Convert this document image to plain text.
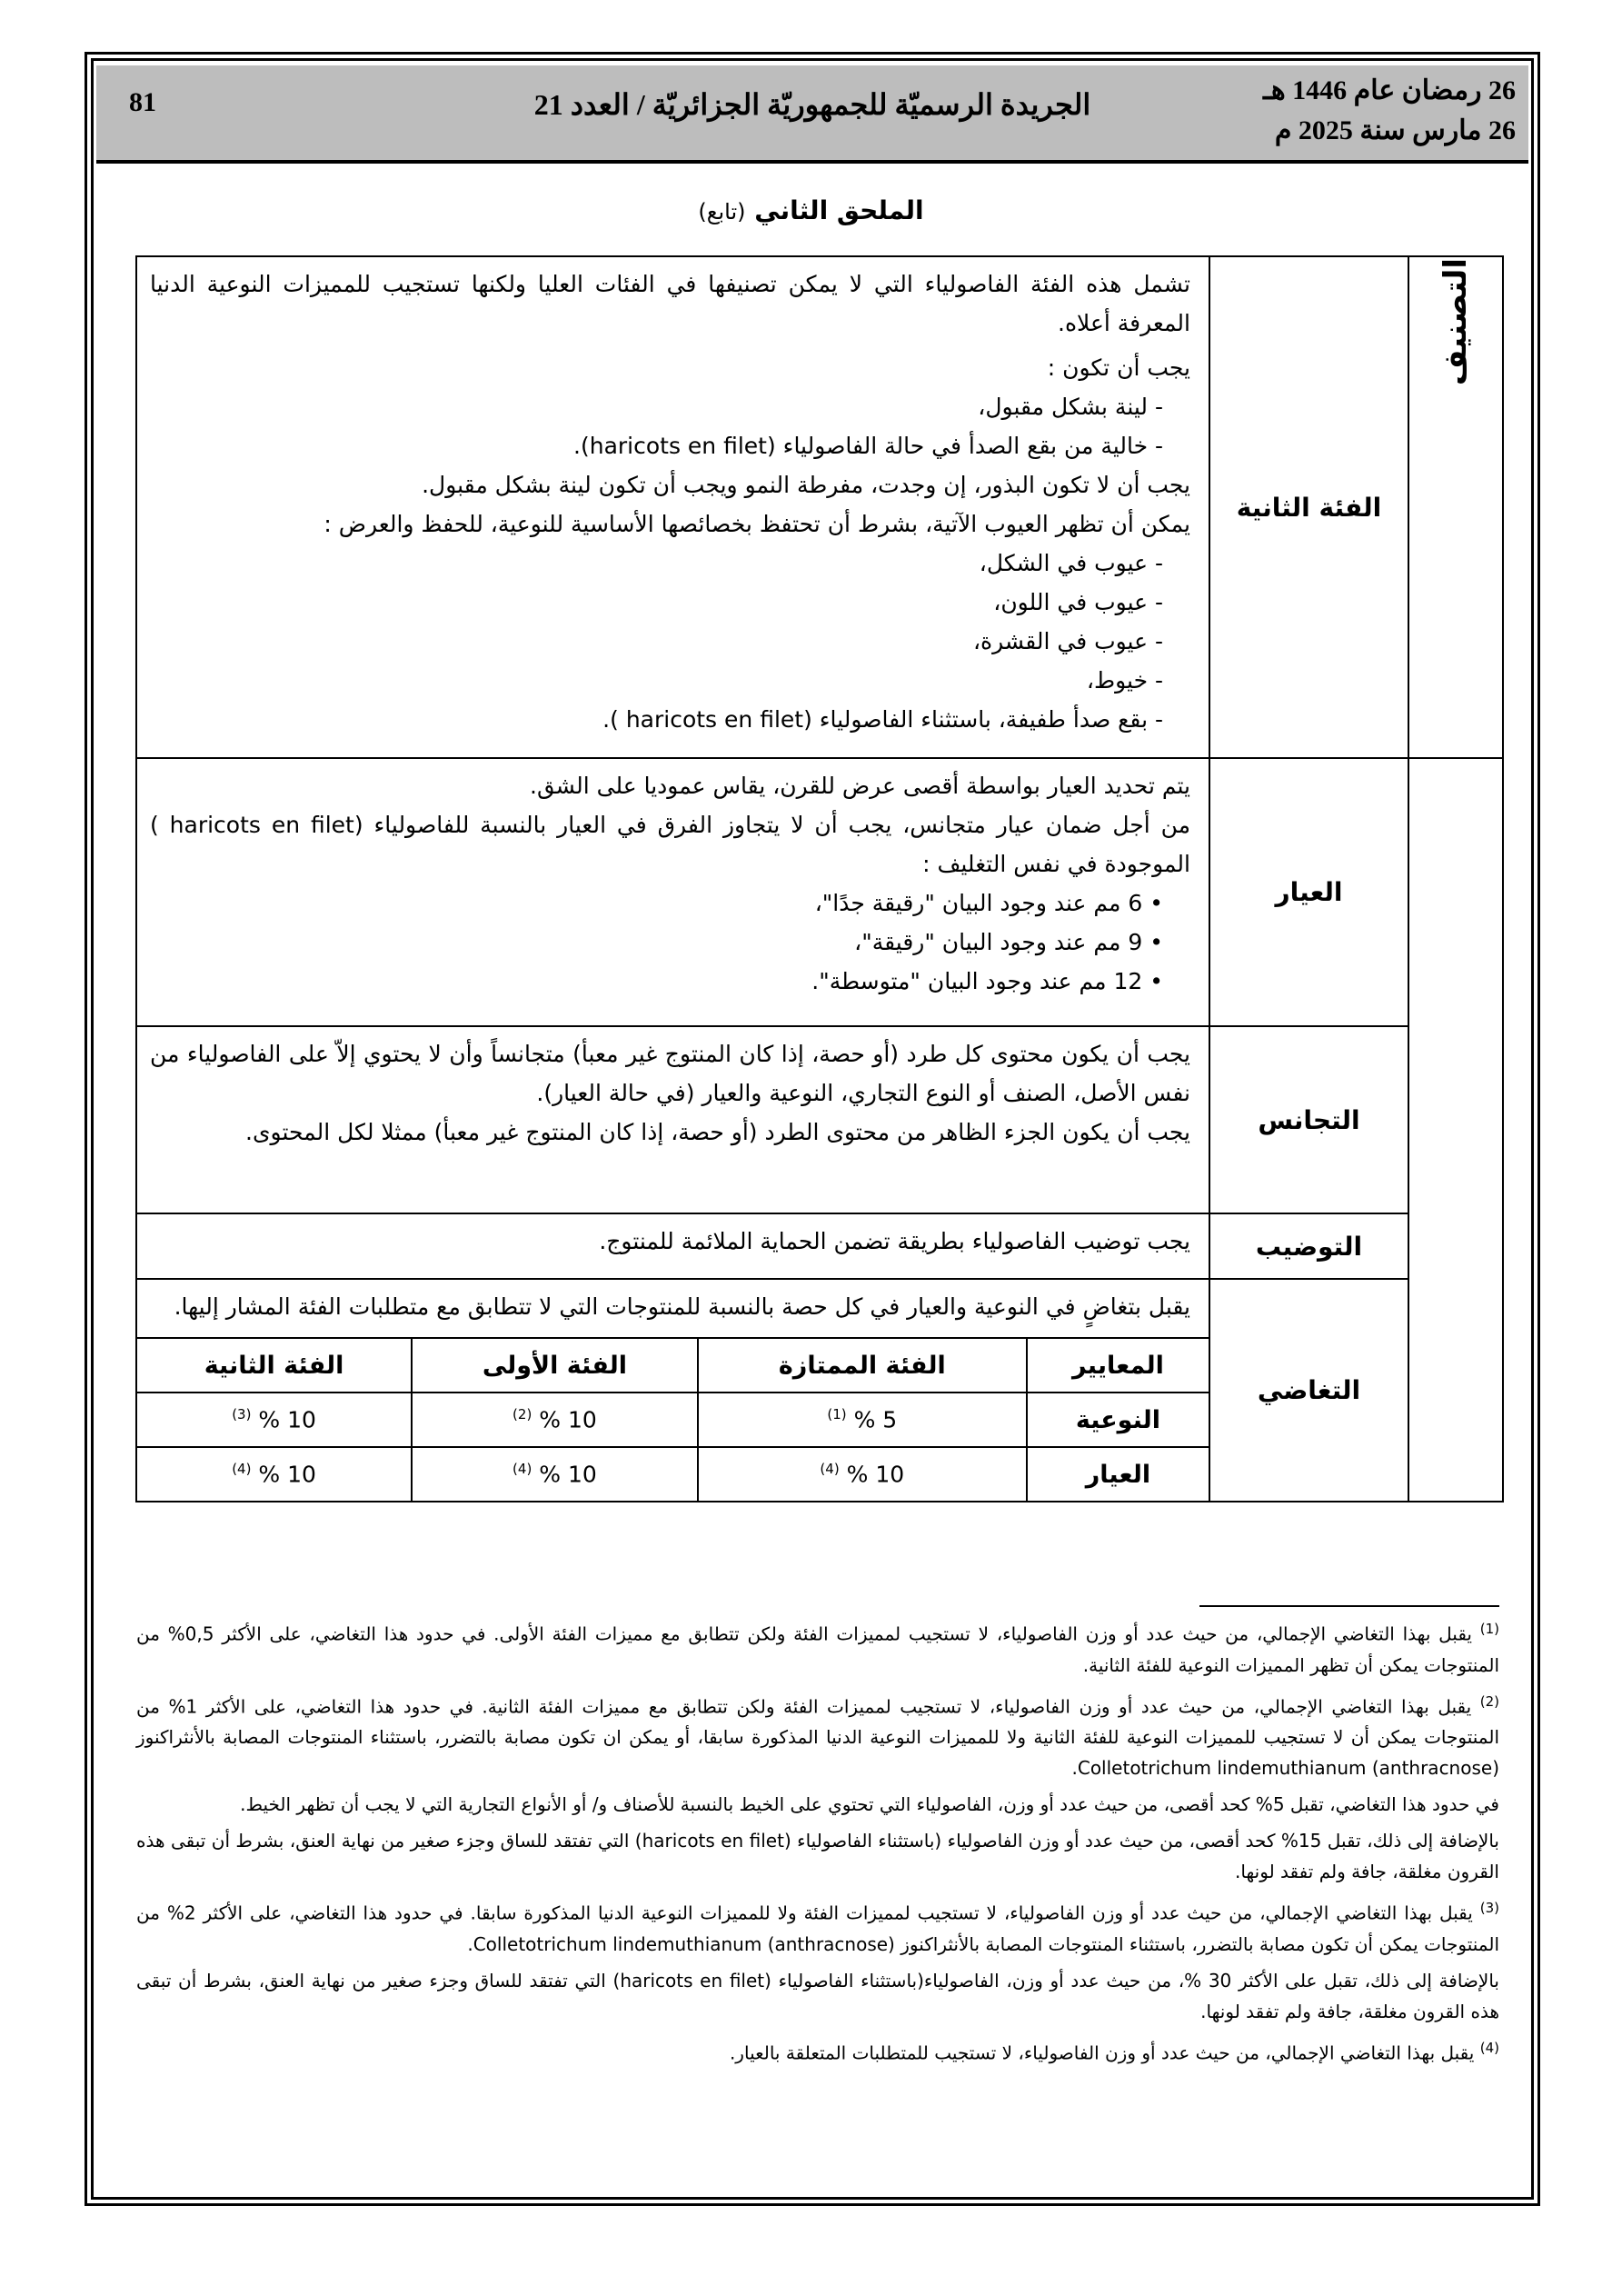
26 رمضان عام 1446 هـ
26 مارس سنة 2025 م
الجريدة الرسميّة للجمهوريّة الجزائريّة / العدد 21
81
الملحق الثاني (تابع)
التصنيف	الفئة الثانية	

تشمل هذه الفئة الفاصولياء التي لا يمكن تصنيفها في الفئات العليا ولكنها تستجيب للمميزات النوعية الدنيا المعرفة أعلاه.

يجب أن تكون :

- لينة بشكل مقبول،

- خالية من بقع الصدأ في حالة الفاصولياء (haricots en filet).

يجب أن لا تكون البذور، إن وجدت، مفرطة النمو ويجب أن تكون لينة بشكل مقبول.

يمكن أن تظهر العيوب الآتية، بشرط أن تحتفظ بخصائصها الأساسية للنوعية، للحفظ والعرض :

- عيوب في الشكل،

- عيوب في اللون،

- عيوب في القشرة،

- خيوط،

- بقع صدأ طفيفة، باستثناء الفاصولياء (haricots en filet ).

	العيار	

يتم تحديد العيار بواسطة أقصى عرض للقرن، يقاس عموديا على الشق.

من أجل ضمان عيار متجانس، يجب أن لا يتجاوز الفرق في العيار بالنسبة للفاصولياء (haricots en filet ) الموجودة في نفس التغليف :

• 6 مم عند وجود البيان "رقيقة جدًا"،

• 9 مم عند وجود البيان "رقيقة"،

• 12 مم عند وجود البيان "متوسطة".

	التجانس	

يجب أن يكون محتوى كل طرد (أو حصة، إذا كان المنتوج غير معبأ) متجانساً وأن لا يحتوي إلاّ على الفاصولياء من نفس الأصل، الصنف أو النوع التجاري، النوعية والعيار (في حالة العيار).

يجب أن يكون الجزء الظاهر من محتوى الطرد (أو حصة، إذا كان المنتوج غير معبأ) ممثلا لكل المحتوى.

	التوضيب	

يجب توضيب الفاصولياء بطريقة تضمن الحماية الملائمة للمنتوج.

	التغاضي	
يقبل بتغاضٍ في النوعية والعيار في كل حصة بالنسبة للمنتوجات التي لا تتطابق مع متطلبات الفئة المشار إليها.
المعايير	الفئة الممتازة	الفئة الأولى	الفئة الثانية
النوعية	5 % $^{(1)}$	10 % $^{(2)}$	10 % $^{(3)}$
العيار	10 % $^{(4)}$	10 % $^{(4)}$	10 % $^{(4)}$

$^{(1)}$ يقبل بهذا التغاضي الإجمالي، من حيث عدد أو وزن الفاصولياء، لا تستجيب لمميزات الفئة ولكن تتطابق مع مميزات الفئة الأولى. في حدود هذا التغاضي، على الأكثر 0,5% من المنتوجات يمكن أن تظهر المميزات النوعية للفئة الثانية.

$^{(2)}$ يقبل بهذا التغاضي الإجمالي، من حيث عدد أو وزن الفاصولياء، لا تستجيب لمميزات الفئة ولكن تتطابق مع مميزات الفئة الثانية. في حدود هذا التغاضي، على الأكثر 1% من المنتوجات يمكن أن لا تستجيب للمميزات النوعية للفئة الثانية ولا للمميزات النوعية الدنيا المذكورة سابقا، أو يمكن ان تكون مصابة بالتضرر، باستثناء المنتوجات المصابة بالأنثراكنوز Colletotrichum lindemuthianum (anthracnose).

في حدود هذا التغاضي، تقبل 5% كحد أقصى، من حيث عدد أو وزن، الفاصولياء التي تحتوي على الخيط بالنسبة للأصناف و/ أو الأنواع التجارية التي لا يجب أن تظهر الخيط.

بالإضافة إلى ذلك، تقبل 15% كحد أقصى، من حيث عدد أو وزن الفاصولياء (باستثناء الفاصولياء (haricots en filet) التي تفتقد للساق وجزء صغير من نهاية العنق، بشرط أن تبقى هذه القرون مغلقة، جافة ولم تفقد لونها.

$^{(3)}$ يقبل بهذا التغاضي الإجمالي، من حيث عدد أو وزن الفاصولياء، لا تستجيب لمميزات الفئة ولا للمميزات النوعية الدنيا المذكورة سابقا. في حدود هذا التغاضي، على الأكثر 2% من المنتوجات يمكن أن تكون مصابة بالتضرر، باستثناء المنتوجات المصابة بالأنثراكنوز Colletotrichum lindemuthianum (anthracnose).

بالإضافة إلى ذلك، تقبل على الأكثر 30 %، من حيث عدد أو وزن، الفاصولياء(باستثناء الفاصولياء (haricots en filet) التي تفتقد للساق وجزء صغير من نهاية العنق، بشرط أن تبقى هذه القرون مغلقة، جافة ولم تفقد لونها.

$^{(4)}$ يقبل بهذا التغاضي الإجمالي، من حيث عدد أو وزن الفاصولياء، لا تستجيب للمتطلبات المتعلقة بالعيار.
